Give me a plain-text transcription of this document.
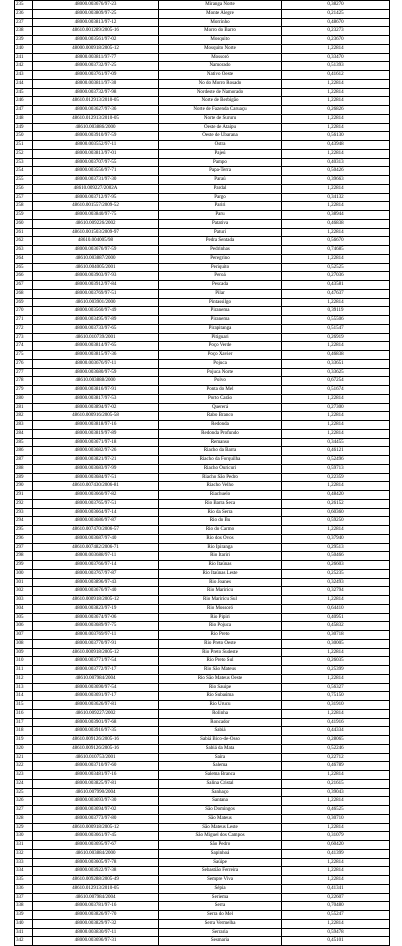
235	48000.003676/97-23	Miranga Norte	0,38270
236	48000.003809/97-25	Monte Alegre	0,21425
237	48000.003813/97-12	Morrinho	0,48670
238	48610.001289/2005-16	Morro do Barro	0,23273
239	48000.003561/97-02	Mosquito	0,23670
240	48000.000918/2005-12	Mosquito Norte	1,22814
241	48000.003811/97-77	Mossoró	0,33470
242	48000.003732/97-25	Namorado	0,51393
243	48000.003761/97-09	Nativo Oeste	0,41612
244	48000.003811/97-30	No do Morro Rosado	1,22814
245	48000.003732/97-98	Nordeste de Namorado	1,22814
246	48610.012913/2010-05	Norte de Berbigão	1,22814
247	48000.003627/97-36	Norte de Fazenda Caruaçu	0,26826
248	48610.012913/2010-05	Norte de Sururu	1,22814
249	48610.003886/2000	Oeste de Ataipu	1,22814
250	48000.003910/97-59	Oeste de Ubarana	0,56130
251	48000.003552/97-11	Ostra	0,43948
252	48000.003813/97-01	Pajeú	1,22814
253	48000.003707/97-55	Pampo	0,40313
254	48000.003556/97-71	Papa-Terra	0,50426
255	48000.003731/97-30	Paraú	0,39663
256	48610.009227/2002A	Pardal	1,22814
257	48000.003712/97-95	Pargo	0,34132
258	48610.001557/2009-52	Pariri	1,22814
259	48000.003840/97-75	Paru	0,38944
260	48610.009226/2002	Patativa	0,46838
261	48610.001503/2009-97	Paturi	1,22814
262	48610.004005/98	Pedra Sentada	0,56670
263	48000.003676/97-59	Pedrinhas	0,74685
264	48610.003887/2000	Peregrino	1,22814
265	48610.004005/2001	Periquito	0,52525
266	48000.003903/97-93	Peroá	0,27036
267	48000.003912/97-84	Pescada	0,43581
268	48000.003769/97-51	Pilar	0,47637
269	48610.003901/2000	Pintassilgo	1,22814
270	48000.003560/97-49	Piranema	0,39119
271	48000.003495/97-89	Piranema	0,55506
272	48000.003733/97-65	Pirapitanga	0,51547
273	48610.010739/2001	Pitiguari	0,26919
274	48000.003814/97-65	Poço Verde	1,22814
275	48000.003815/97-36	Poço Xavier	0,46838
276	48000.003676/97-11	Pojuca	0,33651
277	48000.003680/97-59	Pojuca Norte	0,33625
278	48610.003888/2000	Polvo	0,67254
279	48000.003816/97-91	Ponta do Mel	0,51674
280	48000.003817/97-53	Porto Carão	1,22814
281	48000.003894/97-02	Quererá	0,27300
282	48610.000916/2005-58	Rabo Branco	1,22814
283	48000.003818/97-16	Redonda	1,22814
284	48000.003819/97-89	Redonda Profundo	1,22814
285	48000.003671/97-18	Remanso	0,34455
286	48000.003682/97-26	Riacho da Barra	0,46121
287	48000.003821/97-21	Riacho da Forquilha	0,52496
288	48000.003683/97-99	Riacho Ouricuri	0,59713
289	48000.003684/97-51	Riacho São Pedro	0,22359
290	48610.007430/2006-81	Riacho Velho	1,22814
291	48000.003660/97-82	Riachuelo	0,48420
292	48000.003765/97-51	Rio Barra Seca	0,26152
293	48000.003664/97-14	Rio da Serra	0,60360
294	48000.003686/97-87	Rio do Bu	0,59250
295	48610.007470/2006-57	Rio do Carmo	1,22814
296	48000.003687/97-40	Rio dos Ovos	0,37940
297	48610.007482/2006-71	Rio Ipiranga	0,29513
298	48000.003688/97-11	Rio Itariri	0,50466
299	48000.003766/97-14	Rio Itaúnas	0,26603
300	48000.003767/97-87	Rio Itaúnas Leste	0,25235
301	48000.003896/97-43	Rio Joanes	0,32493
302	48000.003676/97-40	Rio Mariricu	0,32794
303	48610.000918/2005-12	Rio Mariricu Sul	1,22814
304	48000.003823/97-19	Rio Mossoró	0,64410
305	48000.003674/97-06	Rio Pipiri	0,40951
306	48000.003689/97-75	Rio Pojuca	0,45832
307	48000.003769/97-11	Rio Preto	0,30718
308	48000.003770/97-91	Rio Preto Oeste	0,30005
309	48610.000918/2005-12	Rio Preto Sudeste	1,22814
310	48000.003771/97-54	Rio Preto Sul	0,26035
311	48000.003772/97-17	Rio São Mateus	0,25399
312	48610.007984/2004	Rio São Mateus Oeste	1,22814
313	48000.003690/97-54	Rio Sauipe	0,56327
314	48000.003691/97-17	Rio Subaúma	0,75150
315	48000.003626/97-81	Rio Urucu	0,31910
316	48610.009227/2002	Rolinha	1,22814
317	48000.003901/97-68	Roncador	0,41916
318	48000.003916/97-35	Sabiá	0,44334
319	48610.009126/2005-16	Sabiá Bico-de-Osso	0,28065
320	48610.009126/2005-16	Sabiá da Mata	0,52246
321	48610.010753/2001	Saíra	0,22712
322	48000.003710/97-60	Salema	0,46789
323	48000.003481/97-16	Salema Branca	1,22814
324	48000.003825/97-81	Salina Cristal	0,21615
325	48610.007990/2004	Sanhaço	0,39043
326	48000.003693/97-30	Santana	1,22814
327	48000.003694/97-02	São Domingos	0,46525
328	48000.003773/97-80	São Mateus	0,30710
329	48610.000918/2005-12	São Mateus Leste	1,22814
330	48000.003661/97-45	São Miguel dos Campos	0,31079
331	48000.003695/97-67	São Pedro	0,60420
332	48610.003884/2000	Sapinhoá	0,41399
333	48000.003605/97-78	Saúipe	1,22814
334	48000.003922/97-38	Sebastião Ferreira	1,22814
335	48610.009288/2005-49	Sempre Viva	1,22814
336	48610.012913/2010-05	Sépia	0,41341
337	48610.007984/2004	Seriema	0,22607
338	48000.003781/97-16	Serra	0,70480
339	48000.003826/97-70	Serra do Mel	0,55247
340	48000.003829/97-32	Serra Vermelha	1,22814
341	48000.003830/97-11	Serraria	0,59478
342	48000.003696/97-31	Sesmaria	0,45101
